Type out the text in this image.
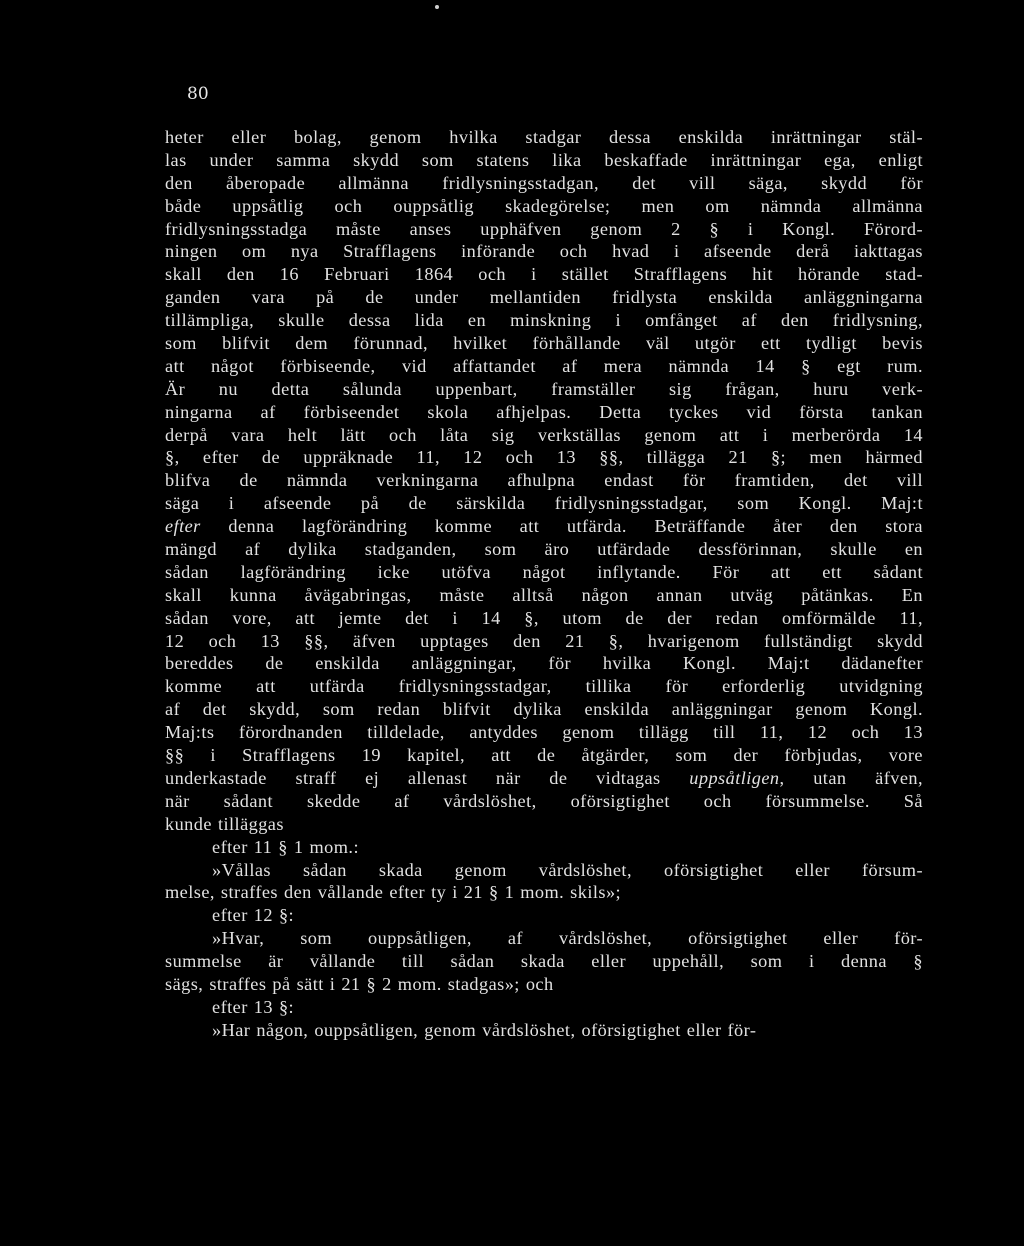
80

heter eller bolag, genom hvilka stadgar dessa enskilda inrättningar stäl-
las under samma skydd som statens lika beskaffade inrättningar ega, enligt
den åberopade allmänna fridlysningsstadgan, det vill säga, skydd för
både uppsåtlig och ouppsåtlig skadegörelse; men om nämnda allmänna
fridlysningsstadga måste anses upphäfven genom 2 § i Kongl. Förord-
ningen om nya Strafflagens införande och hvad i afseende derå iakttagas
skall den 16 Februari 1864 och i stället Strafflagens hit hörande stad-
ganden vara på de under mellantiden fridlysta enskilda anläggningarna
tillämpliga, skulle dessa lida en minskning i omfånget af den fridlysning,
som blifvit dem förunnad, hvilket förhållande väl utgör ett tydligt bevis
att något förbiseende, vid affattandet af mera nämnda 14 § egt rum.
Är nu detta sålunda uppenbart, framställer sig frågan, huru verk-
ningarna af förbiseendet skola afhjelpas. Detta tyckes vid första tankan
derpå vara helt lätt och låta sig verkställas genom att i merberörda 14
§, efter de uppräknade 11, 12 och 13 §§, tillägga 21 §; men härmed
blifva de nämnda verkningarna afhulpna endast för framtiden, det vill
säga i afseende på de särskilda fridlysningsstadgar, som Kongl. Maj:t
efter denna lagförändring komme att utfärda. Beträffande åter den stora
mängd af dylika stadganden, som äro utfärdade dessförinnan, skulle en
sådan lagförändring icke utöfva något inflytande. För att ett sådant
skall kunna åvägabringas, måste alltså någon annan utväg påtänkas. En
sådan vore, att jemte det i 14 §, utom de der redan omförmälde 11,
12 och 13 §§, äfven upptages den 21 §, hvarigenom fullständigt skydd
bereddes de enskilda anläggningar, för hvilka Kongl. Maj:t dädanefter
komme att utfärda fridlysningsstadgar, tillika för erforderlig utvidgning
af det skydd, som redan blifvit dylika enskilda anläggningar genom Kongl.
Maj:ts förordnanden tilldelade, antyddes genom tillägg till 11, 12 och 13
§§ i Strafflagens 19 kapitel, att de åtgärder, som der förbjudas, vore
underkastade straff ej allenast när de vidtagas uppsåtligen, utan äfven,
när sådant skedde af vårdslöshet, oförsigtighet och försummelse. Så
kunde tilläggas
efter 11 § 1 mom.:
»Vållas sådan skada genom vårdslöshet, oförsigtighet eller försum-
melse, straffes den vållande efter ty i 21 § 1 mom. skils»;
efter 12 §:
»Hvar, som ouppsåtligen, af vårdslöshet, oförsigtighet eller för-
summelse är vållande till sådan skada eller uppehåll, som i denna §
sägs, straffes på sätt i 21 § 2 mom. stadgas»; och
efter 13 §:
»Har någon, ouppsåtligen, genom vårdslöshet, oförsigtighet eller för-
